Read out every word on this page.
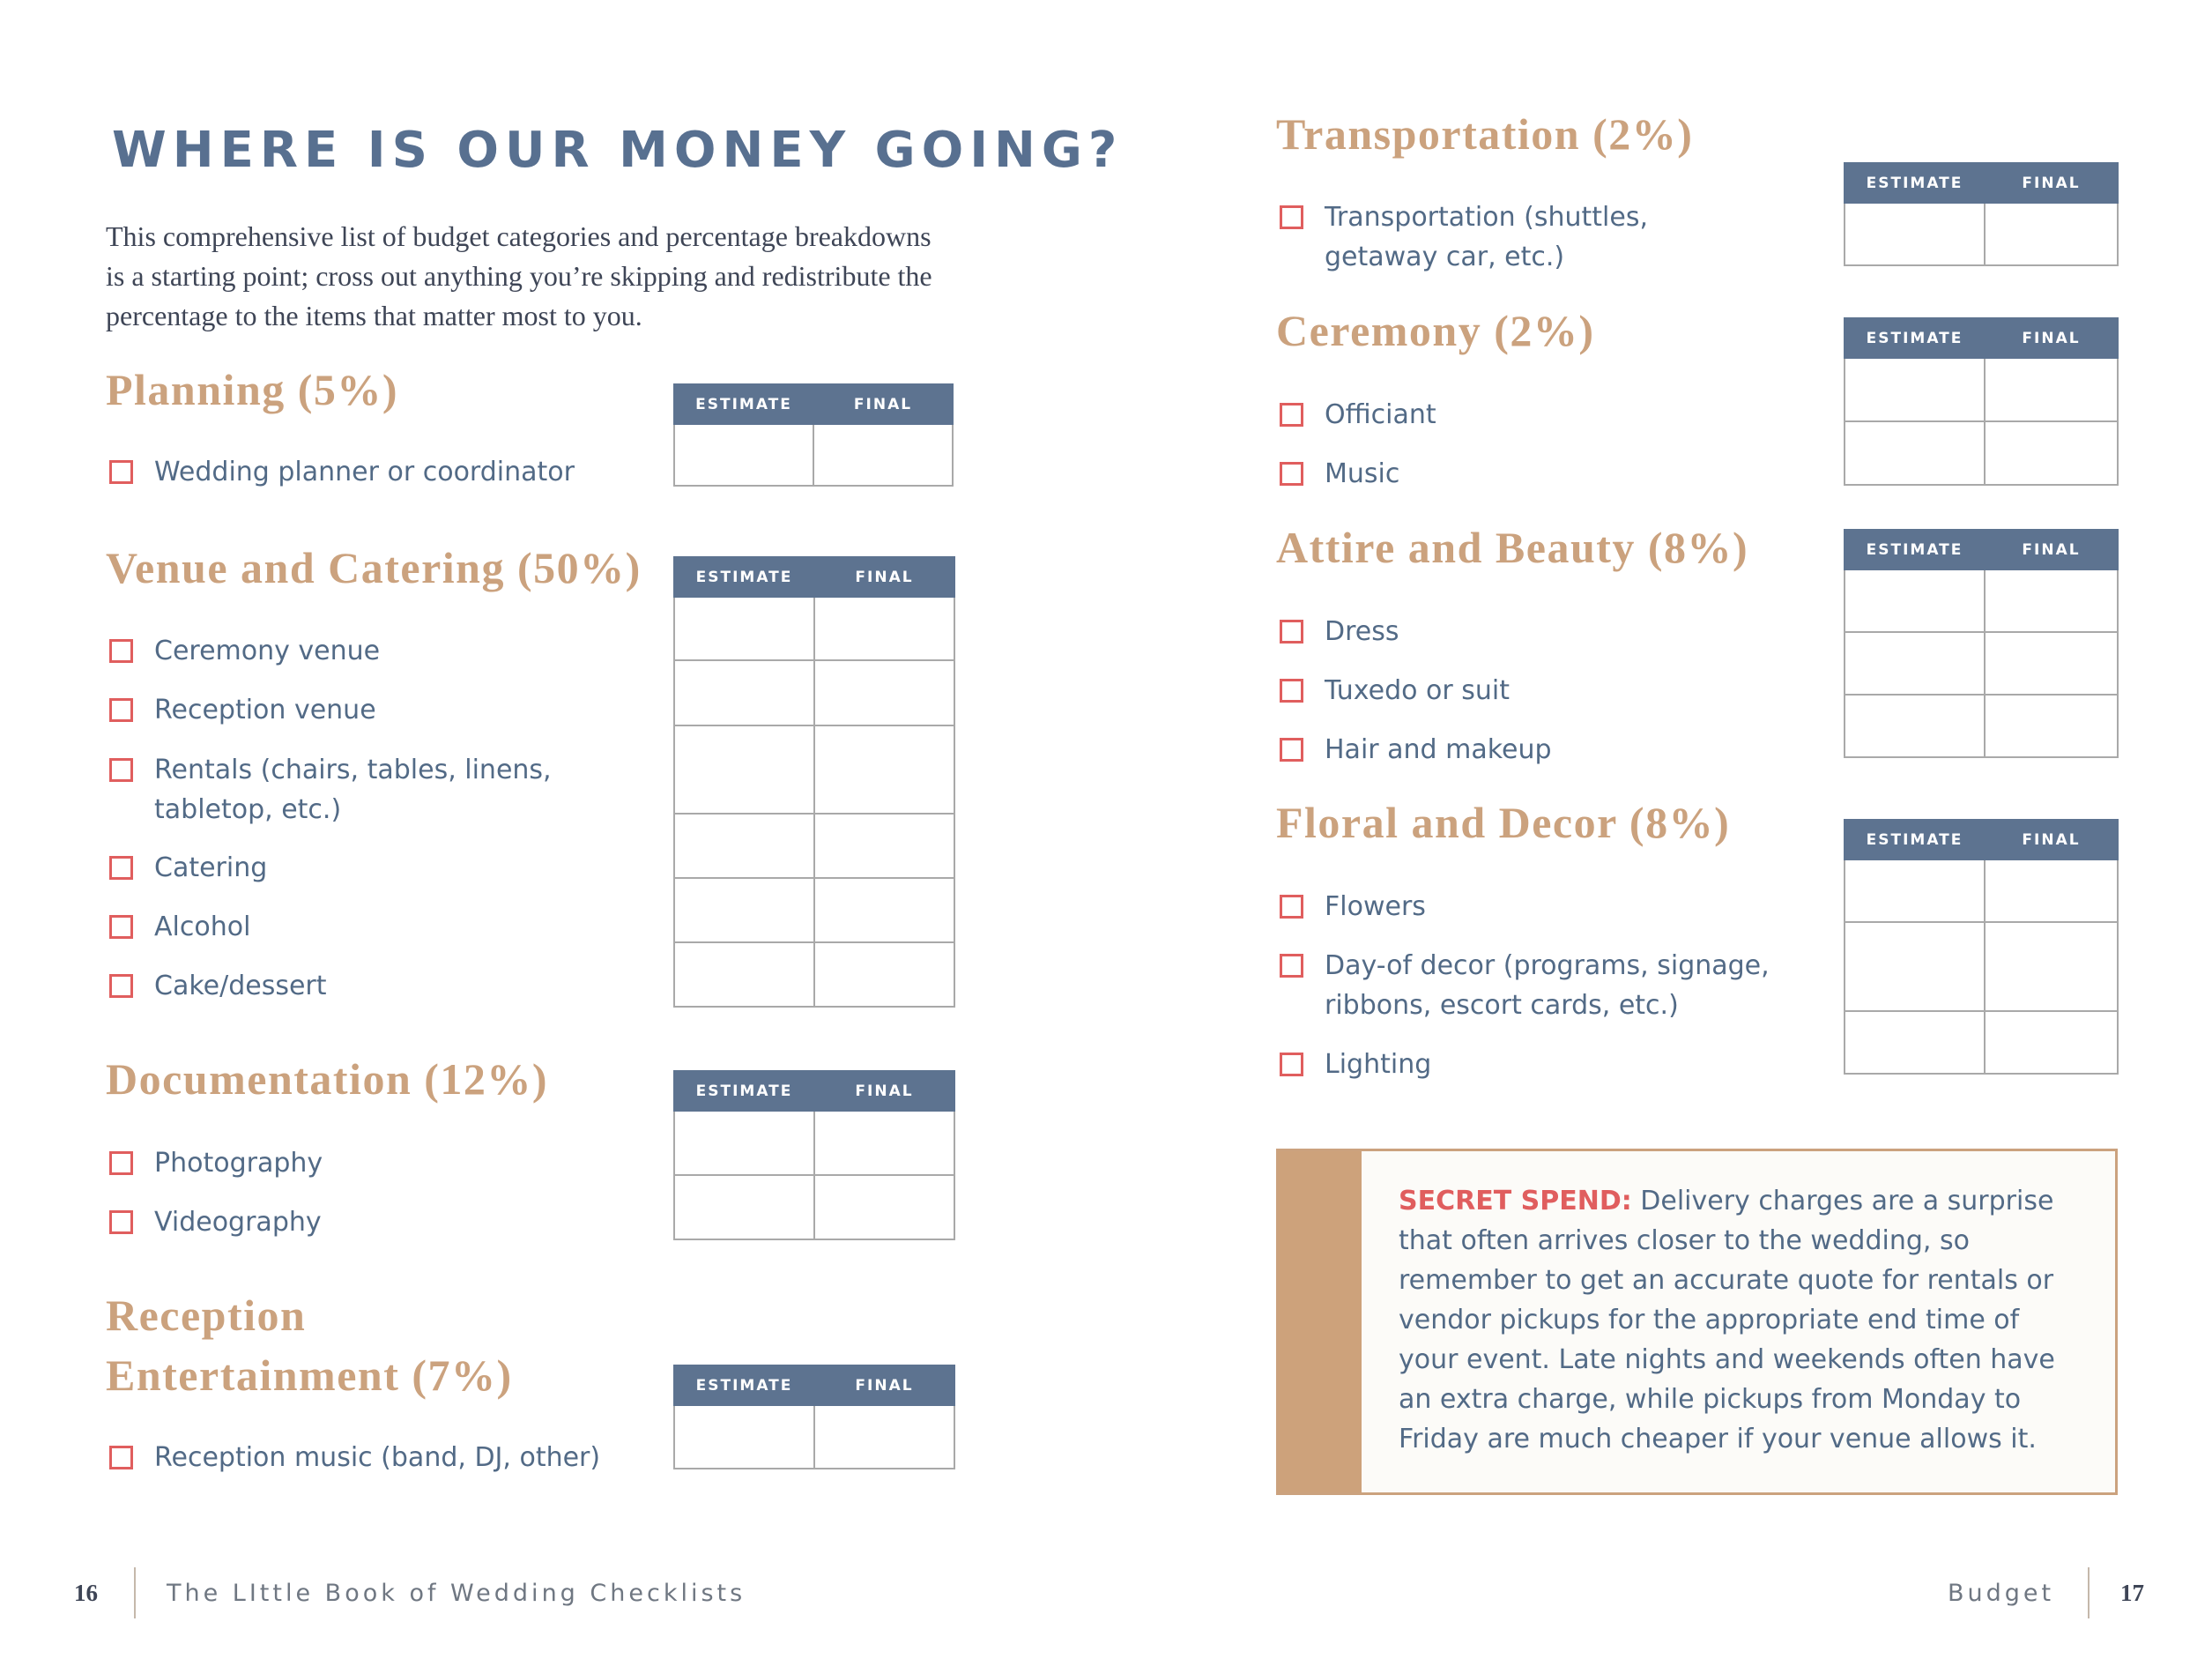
WHERE IS OUR MONEY GOING?

This comprehensive list of budget categories and percentage breakdowns is a starting point; cross out anything you’re skipping and redistribute the percentage to the items that matter most to you.

Planning (5%)
Wedding planner or coordinator
ESTIMATE	FINAL

Venue and Catering (50%)
Ceremony venue
Reception venue
Rentals (chairs, tables, linens,
tabletop, etc.)
Catering
Alcohol
Cake/dessert
ESTIMATE	FINAL

Documentation (12%)
Photography
Videography
ESTIMATE	FINAL

Reception
Entertainment (7%)
Reception music (band, DJ, other)
ESTIMATE	FINAL

Transportation (2%)
Transportation (shuttles,
getaway car, etc.)
ESTIMATE	FINAL

Ceremony (2%)
Officiant
Music
ESTIMATE	FINAL

Attire and Beauty (8%)
Dress
Tuxedo or suit
Hair and makeup
ESTIMATE	FINAL

Floral and Decor (8%)
Flowers
Day-of decor (programs, signage,
ribbons, escort cards, etc.)
Lighting
ESTIMATE	FINAL

SECRET SPEND: Delivery charges are a surprise that often arrives closer to the wedding, so remember to get an accurate quote for rentals or vendor pickups for the appropriate end time of your event. Late nights and weekends often have an extra charge, while pickups from Monday to Friday are much cheaper if your venue allows it.

16	The LIttle Book of Wedding Checklists	Budget	17
